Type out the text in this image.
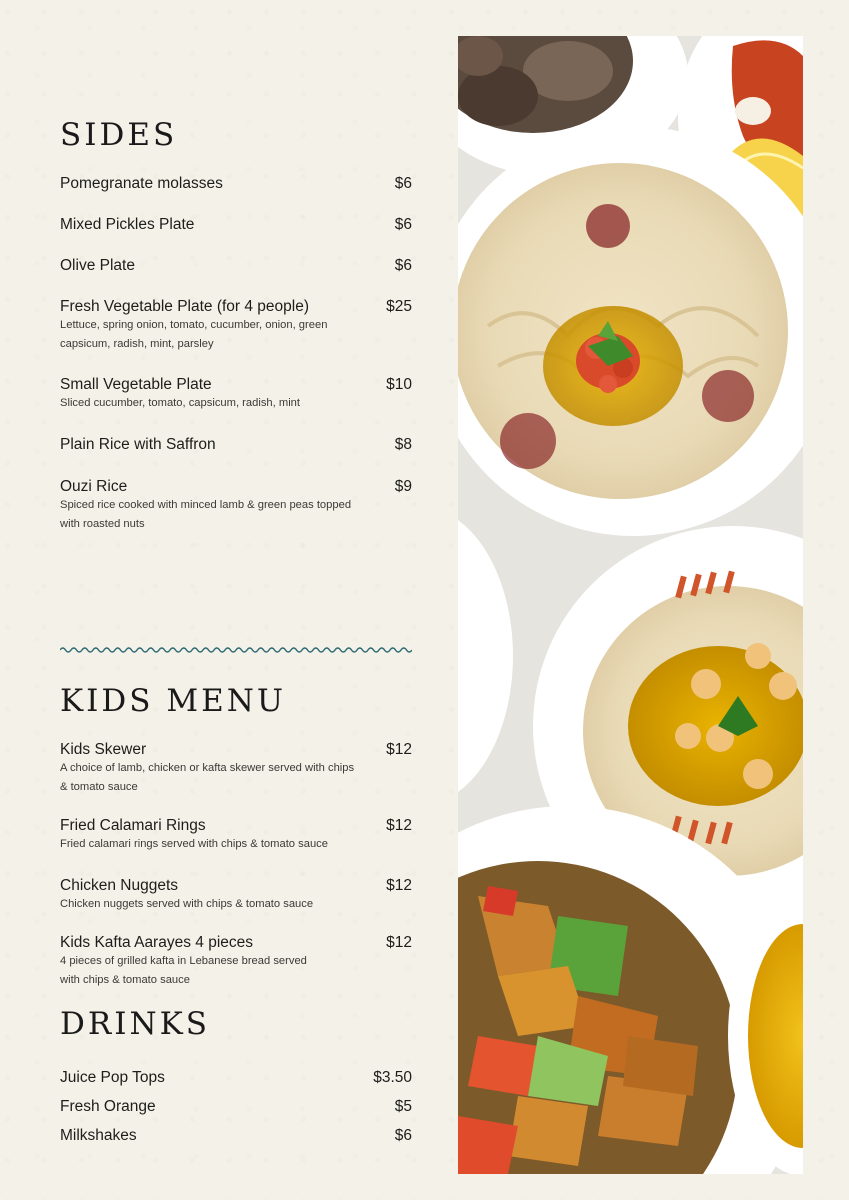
SIDES
Pomegranate molasses	$6
Mixed Pickles Plate	$6
Olive Plate	$6
Fresh Vegetable Plate (for 4 people)	$25
Lettuce, spring onion, tomato, cucumber, onion, green capsicum, radish, mint, parsley
Small Vegetable Plate	$10
Sliced cucumber, tomato, capsicum, radish, mint
Plain Rice with Saffron	$8
Ouzi Rice	$9
Spiced rice cooked with minced lamb & green peas topped with roasted nuts
KIDS MENU
Kids Skewer	$12
A choice of lamb, chicken or kafta skewer served with chips & tomato sauce
Fried Calamari Rings	$12
Fried calamari rings served with chips & tomato sauce
Chicken Nuggets	$12
Chicken nuggets served with chips & tomato sauce
Kids Kafta Aarayes 4 pieces	$12
4 pieces of grilled kafta in Lebanese bread served with chips & tomato sauce
DRINKS
Juice Pop Tops	$3.50
Fresh Orange	$5
Milkshakes	$6
